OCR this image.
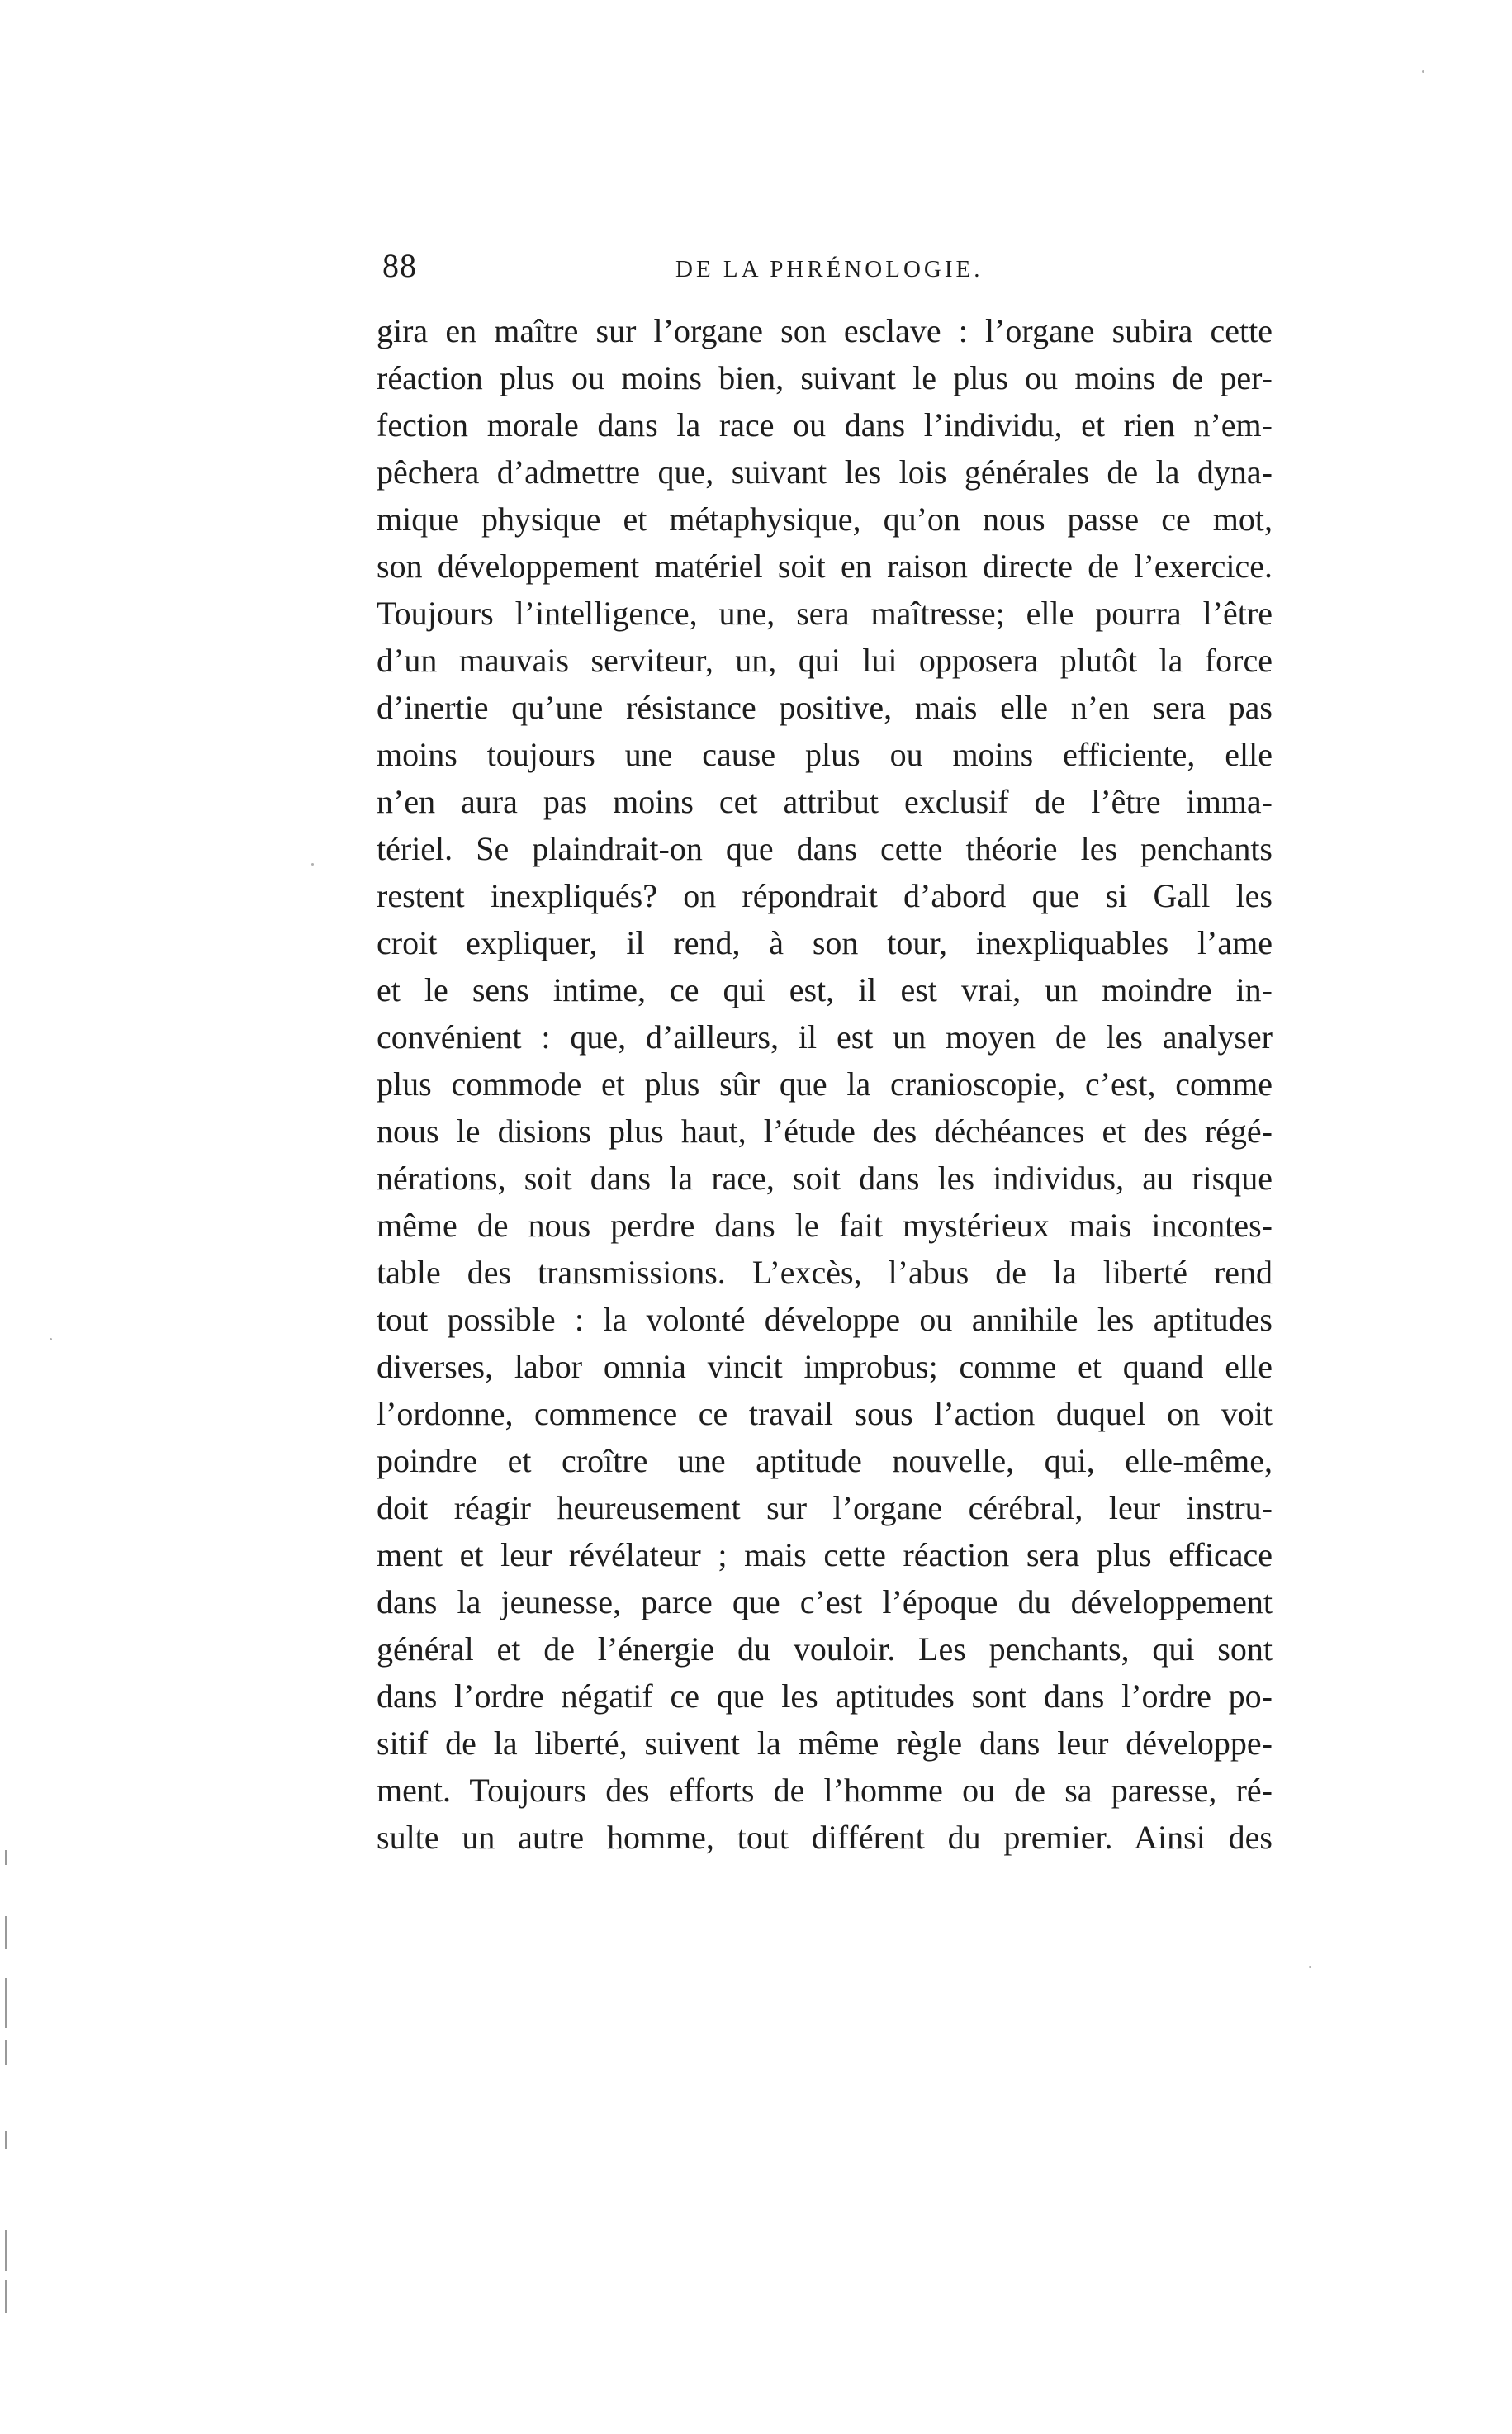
88	DE LA PHRÉNOLOGIE.
gira en maître sur l’organe son esclave : l’organe subira cette
réaction plus ou moins bien, suivant le plus ou moins de per-
fection morale dans la race ou dans l’individu, et rien n’em-
pêchera d’admettre que, suivant les lois générales de la dyna-
mique physique et métaphysique, qu’on nous passe ce mot,
son développement matériel soit en raison directe de l’exercice.
Toujours l’intelligence, une, sera maîtresse; elle pourra l’être
d’un mauvais serviteur, un, qui lui opposera plutôt la force
d’inertie qu’une résistance positive, mais elle n’en sera pas
moins toujours une cause plus ou moins efficiente, elle
n’en aura pas moins cet attribut exclusif de l’être imma-
tériel. Se plaindrait-on que dans cette théorie les penchants
restent inexpliqués? on répondrait d’abord que si Gall les
croit expliquer, il rend, à son tour, inexpliquables l’ame
et le sens intime, ce qui est, il est vrai, un moindre in-
convénient : que, d’ailleurs, il est un moyen de les analyser
plus commode et plus sûr que la cranioscopie, c’est, comme
nous le disions plus haut, l’étude des déchéances et des régé-
nérations, soit dans la race, soit dans les individus, au risque
même de nous perdre dans le fait mystérieux mais incontes-
table des transmissions. L’excès, l’abus de la liberté rend
tout possible : la volonté développe ou annihile les aptitudes
diverses, labor omnia vincit improbus; comme et quand elle
l’ordonne, commence ce travail sous l’action duquel on voit
poindre et croître une aptitude nouvelle, qui, elle-même,
doit réagir heureusement sur l’organe cérébral, leur instru-
ment et leur révélateur ; mais cette réaction sera plus efficace
dans la jeunesse, parce que c’est l’époque du développement
général et de l’énergie du vouloir. Les penchants, qui sont
dans l’ordre négatif ce que les aptitudes sont dans l’ordre po-
sitif de la liberté, suivent la même règle dans leur développe-
ment. Toujours des efforts de l’homme ou de sa paresse, ré-
sulte un autre homme, tout différent du premier. Ainsi des
